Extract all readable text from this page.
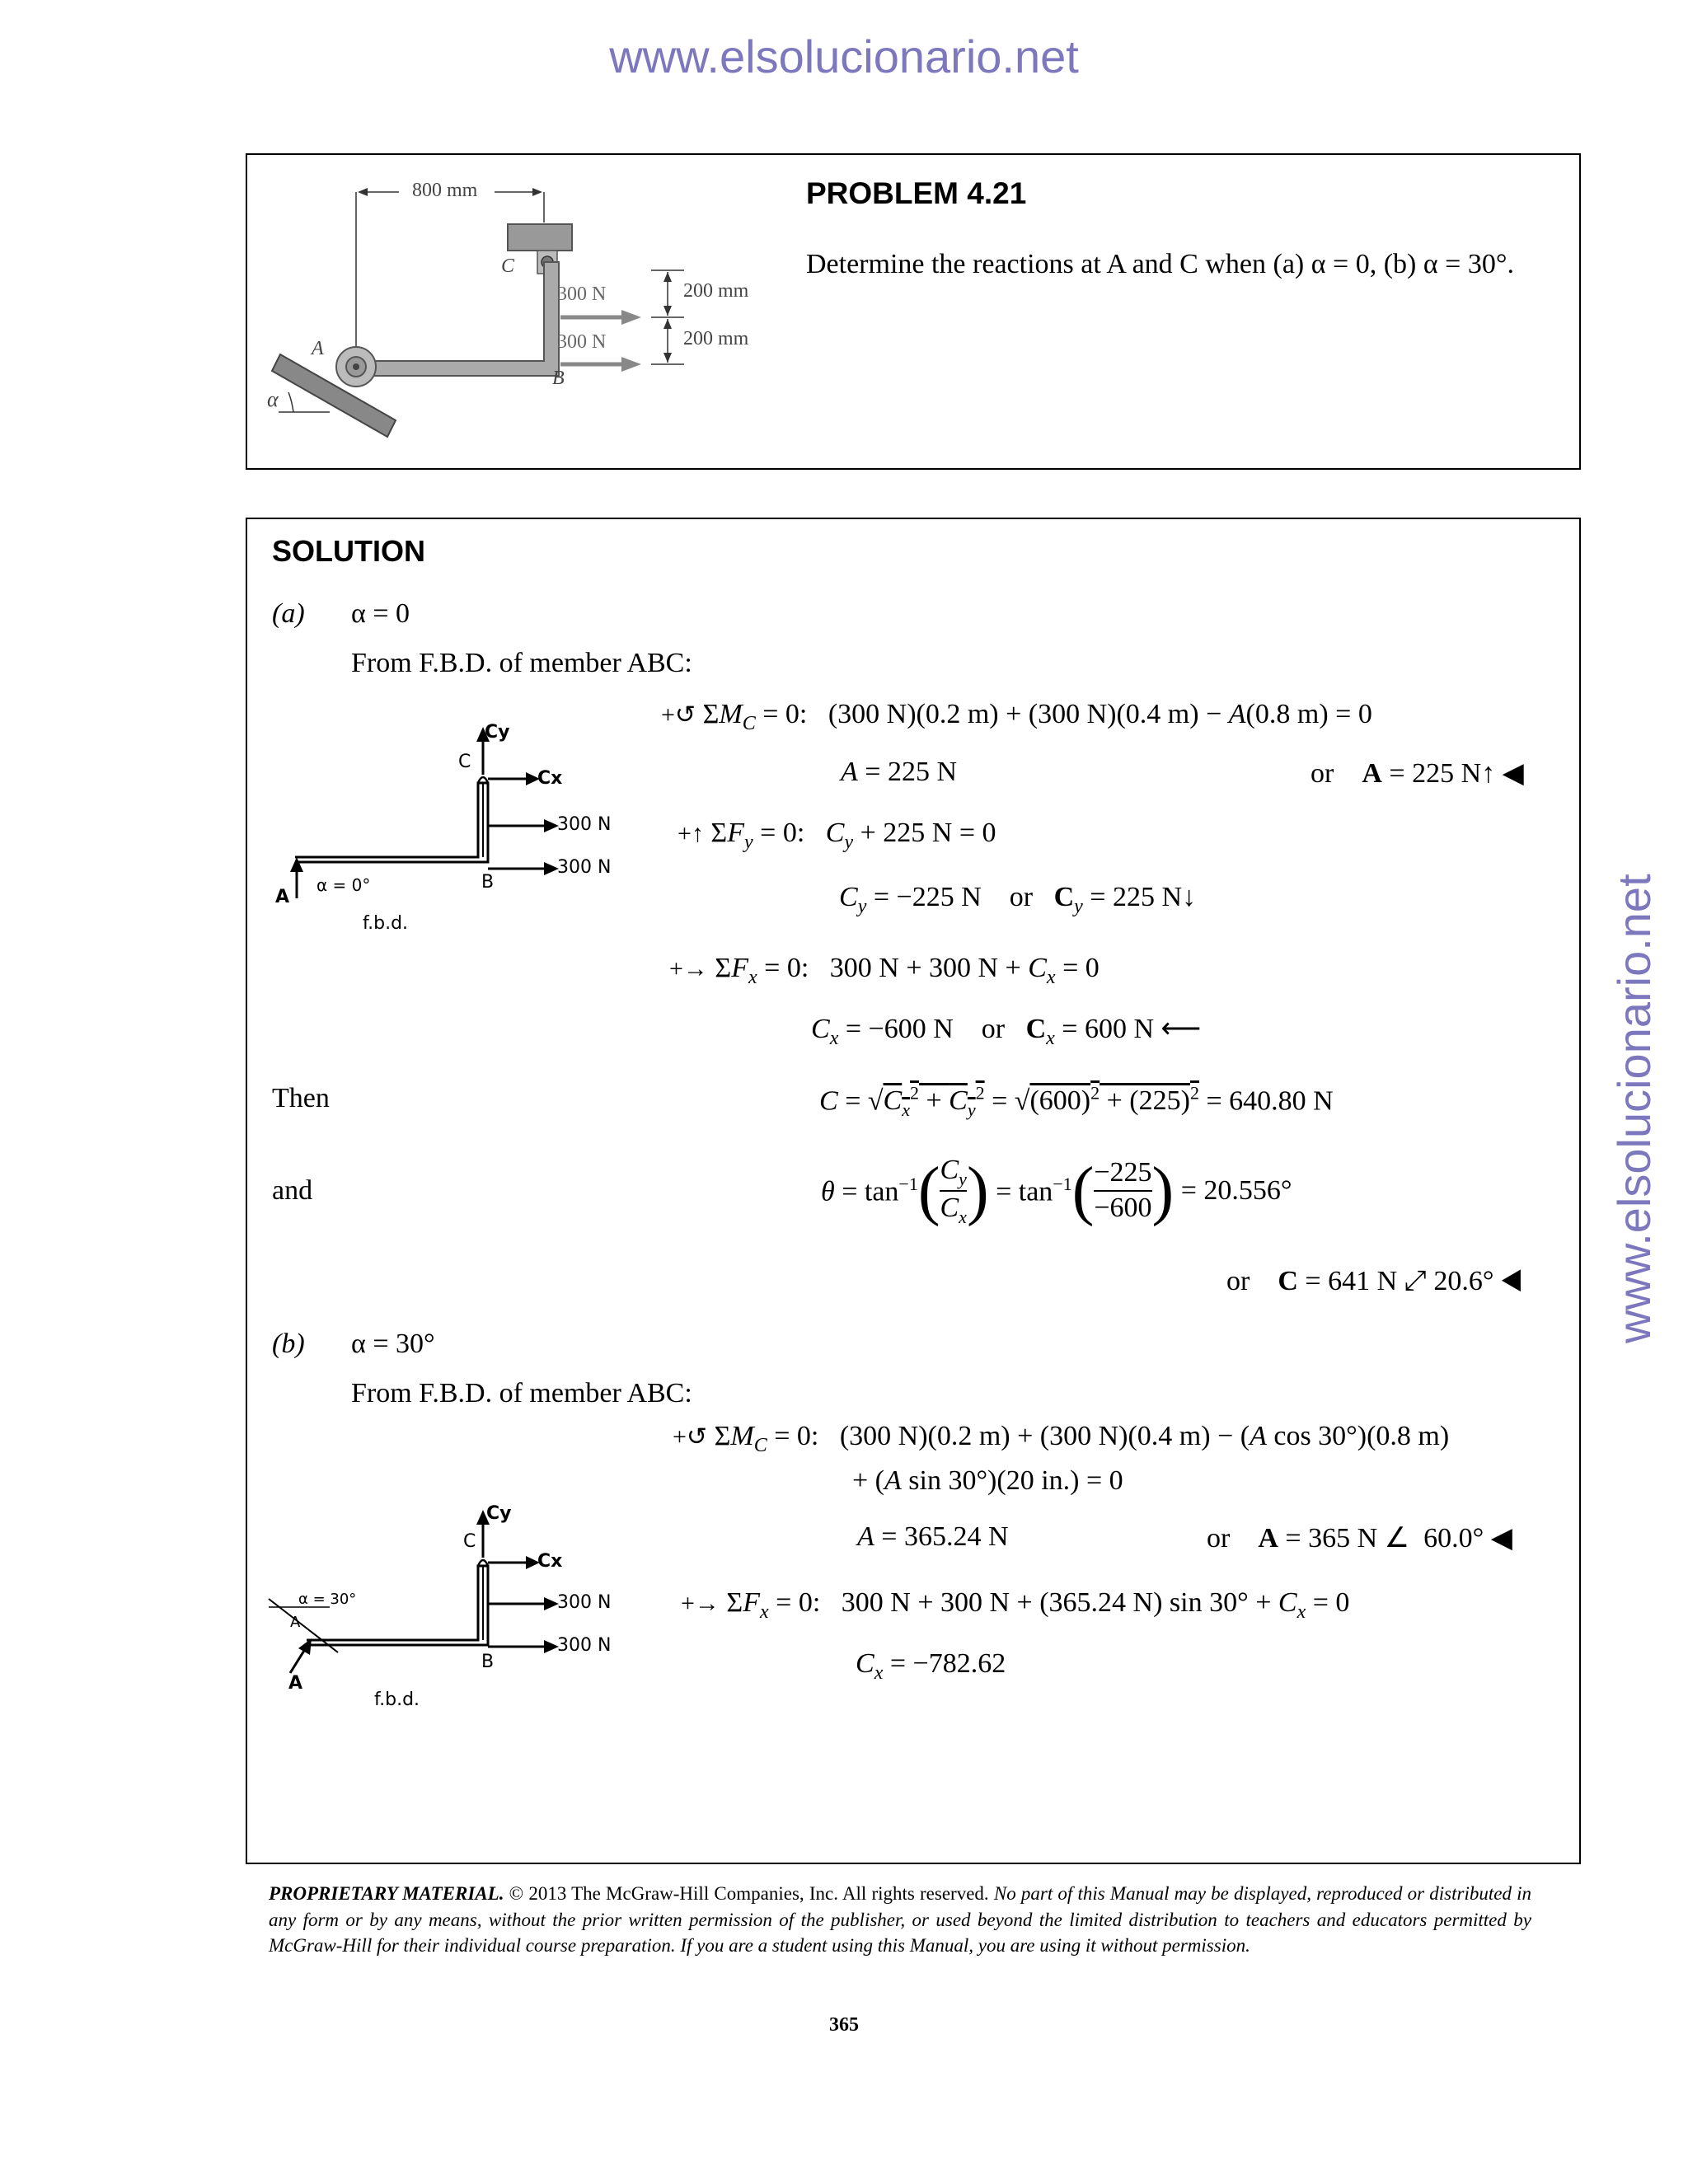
www.elsolucionario.net
www.elsolucionario.net
800 mm
200 mm
200 mm
300 N
300 N
A
B
C
α
PROBLEM 4.21
Determine the reactions at A and C when (a) α = 0, (b) α = 30°.
SOLUTION
(a) α = 0
From F.B.D. of member ABC:
Cy
C
Cx
300 N
300 N
B
A
α = 0°
f.b.d.
+↺ $\Sigma M_C = 0$:   (300 N)(0.2 m) + (300 N)(0.4 m) − A(0.8 m) = 0
A = 225 N	or    A = 225 N↑ ◀
+↑ $\Sigma F_y = 0$:   $C_y + 225$ N = 0
$C_y = -225$ N    or   $C_y = 225$ N↓
+→ $\Sigma F_x = 0$:   300 N + 300 $N + C_x = 0$
$C_x = -600$ N    or   $C_x = 600$ N ⟵
Then	$C = √C_x^2 + C_y^2 = √(600)^2 + (225)^2 = 640.80$ N
and	$\theta = \tan^{-1}( \frac{C_y}{C_x}$ ) = $\tan^{-1}( \frac{-225}{-600}$ ) = 20.556°
or    C = 641 N ⤢ 20.6° ◀
(b) α = 30°
From F.B.D. of member ABC:
Cy
C
Cx
300 N
300 N
B
A
A
α = 30°
f.b.d.
+↺ $\Sigma M_C = 0$:   (300 N)(0.2 m) + (300 N)(0.4 m) − (A cos 30°)(0.8 m)
+ (A sin 30°)(20 in.) = 0
A = 365.24 N	or    A = 365 N ∠  60.0° ◀
+→ $\Sigma F_x = 0$:   300 N + 300 N + (365.24 N) $\sin 30^\circ + C_x = 0$
$C_x = -782.62$
PROPRIETARY MATERIAL. © 2013 The McGraw-Hill Companies, Inc. All rights reserved. No part of this Manual may be displayed, reproduced or distributed in any form or by any means, without the prior written permission of the publisher, or used beyond the limited distribution to teachers and educators permitted by McGraw-Hill for their individual course preparation. If you are a student using this Manual, you are using it without permission.
365
